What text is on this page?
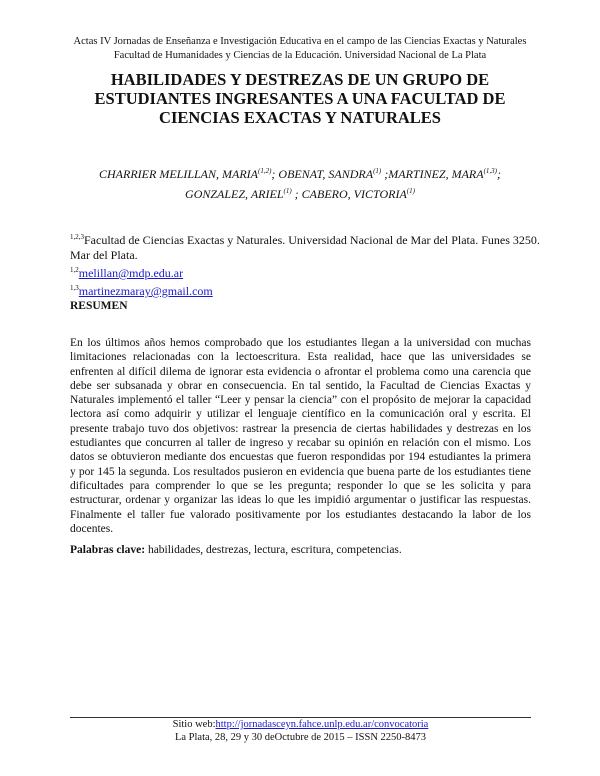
Actas IV Jornadas de Enseñanza e Investigación Educativa en el campo de las Ciencias Exactas y Naturales
Facultad de Humanidades y Ciencias de la Educación. Universidad Nacional de La Plata
HABILIDADES Y DESTREZAS DE UN GRUPO DE
ESTUDIANTES INGRESANTES A UNA FACULTAD DE
CIENCIAS EXACTAS Y NATURALES
CHARRIER MELILLAN, MARIA$^{(1,2)}$; OBENAT, SANDRA$^{(1)}$ ;MARTINEZ, MARA$^{(1,3)}$;
GONZALEZ, ARIEL$^{(1)}$ ; CABERO, VICTORIA$^{(1)}$
$^{1,2,3}$Facultad de Ciencias Exactas y Naturales. Universidad Nacional de Mar del Plata. Funes 3250. Mar del Plata.
$^{1,2}$melillan@mdp.edu.ar
$^{1,3}$martinezmaray@gmail.com
RESUMEN
En los últimos años hemos comprobado que los estudiantes llegan a la universidad con muchas limitaciones relacionadas con la lectoescritura. Esta realidad, hace que las universidades se enfrenten al difícil dilema de ignorar esta evidencia o afrontar el problema como una carencia que debe ser subsanada y obrar en consecuencia. En tal sentido, la Facultad de Ciencias Exactas y Naturales implementó el taller “Leer y pensar la ciencia” con el propósito de mejorar la capacidad lectora así como adquirir y utilizar el lenguaje científico en la comunicación oral y escrita. El presente trabajo tuvo dos objetivos: rastrear la presencia de ciertas habilidades y destrezas en los estudiantes que concurren al taller de ingreso y recabar su opinión en relación con el mismo. Los datos se obtuvieron mediante dos encuestas que fueron respondidas por 194 estudiantes la primera y por 145 la segunda. Los resultados pusieron en evidencia que buena parte de los estudiantes tiene dificultades para comprender lo que se les pregunta; responder lo que se les solicita y para estructurar, ordenar y organizar las ideas lo que les impidió argumentar o justificar las respuestas. Finalmente el taller fue valorado positivamente por los estudiantes destacando la labor de los docentes.
Palabras clave: habilidades, destrezas, lectura, escritura, competencias.
Sitio web:http://jornadasceyn.fahce.unlp.edu.ar/convocatoria
La Plata, 28, 29 y 30 deOctubre de 2015 – ISSN 2250-8473
